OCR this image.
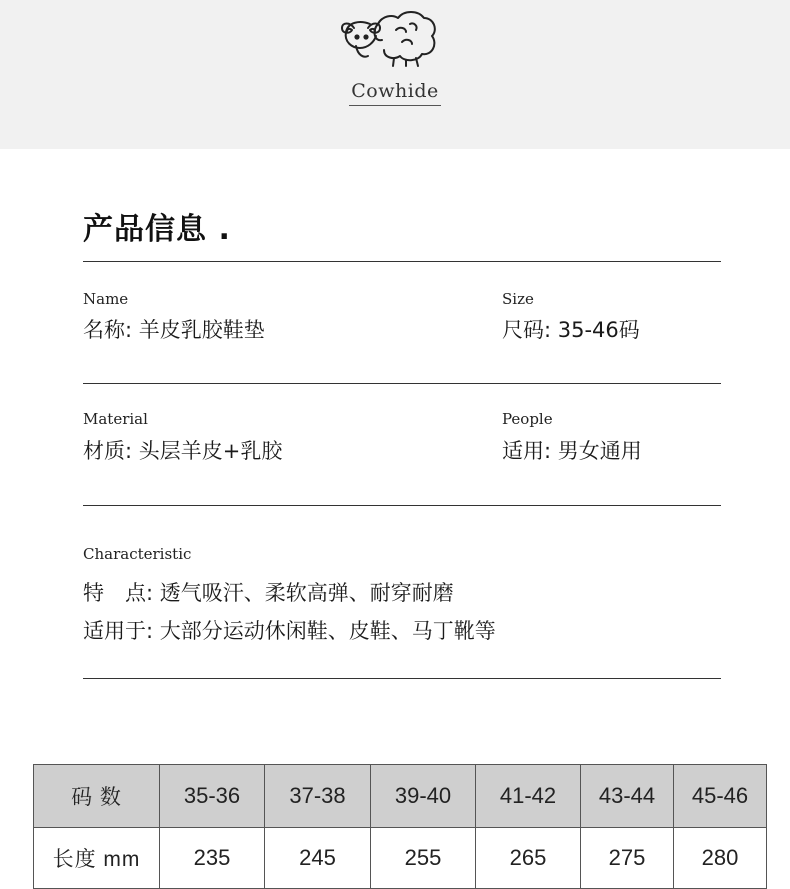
Cowhide
产品信息 .
Name
名称: 羊皮乳胶鞋垫
Size
尺码: 35-46码
Material
材质: 头层羊皮+乳胶
People
适用: 男女通用
Characteristic
特　点: 透气吸汗、柔软高弹、耐穿耐磨
适用于: 大部分运动休闲鞋、皮鞋、马丁靴等
码 数	35-36	37-38	39-40	41-42	43-44	45-46
长度 mm	235	245	255	265	275	280
